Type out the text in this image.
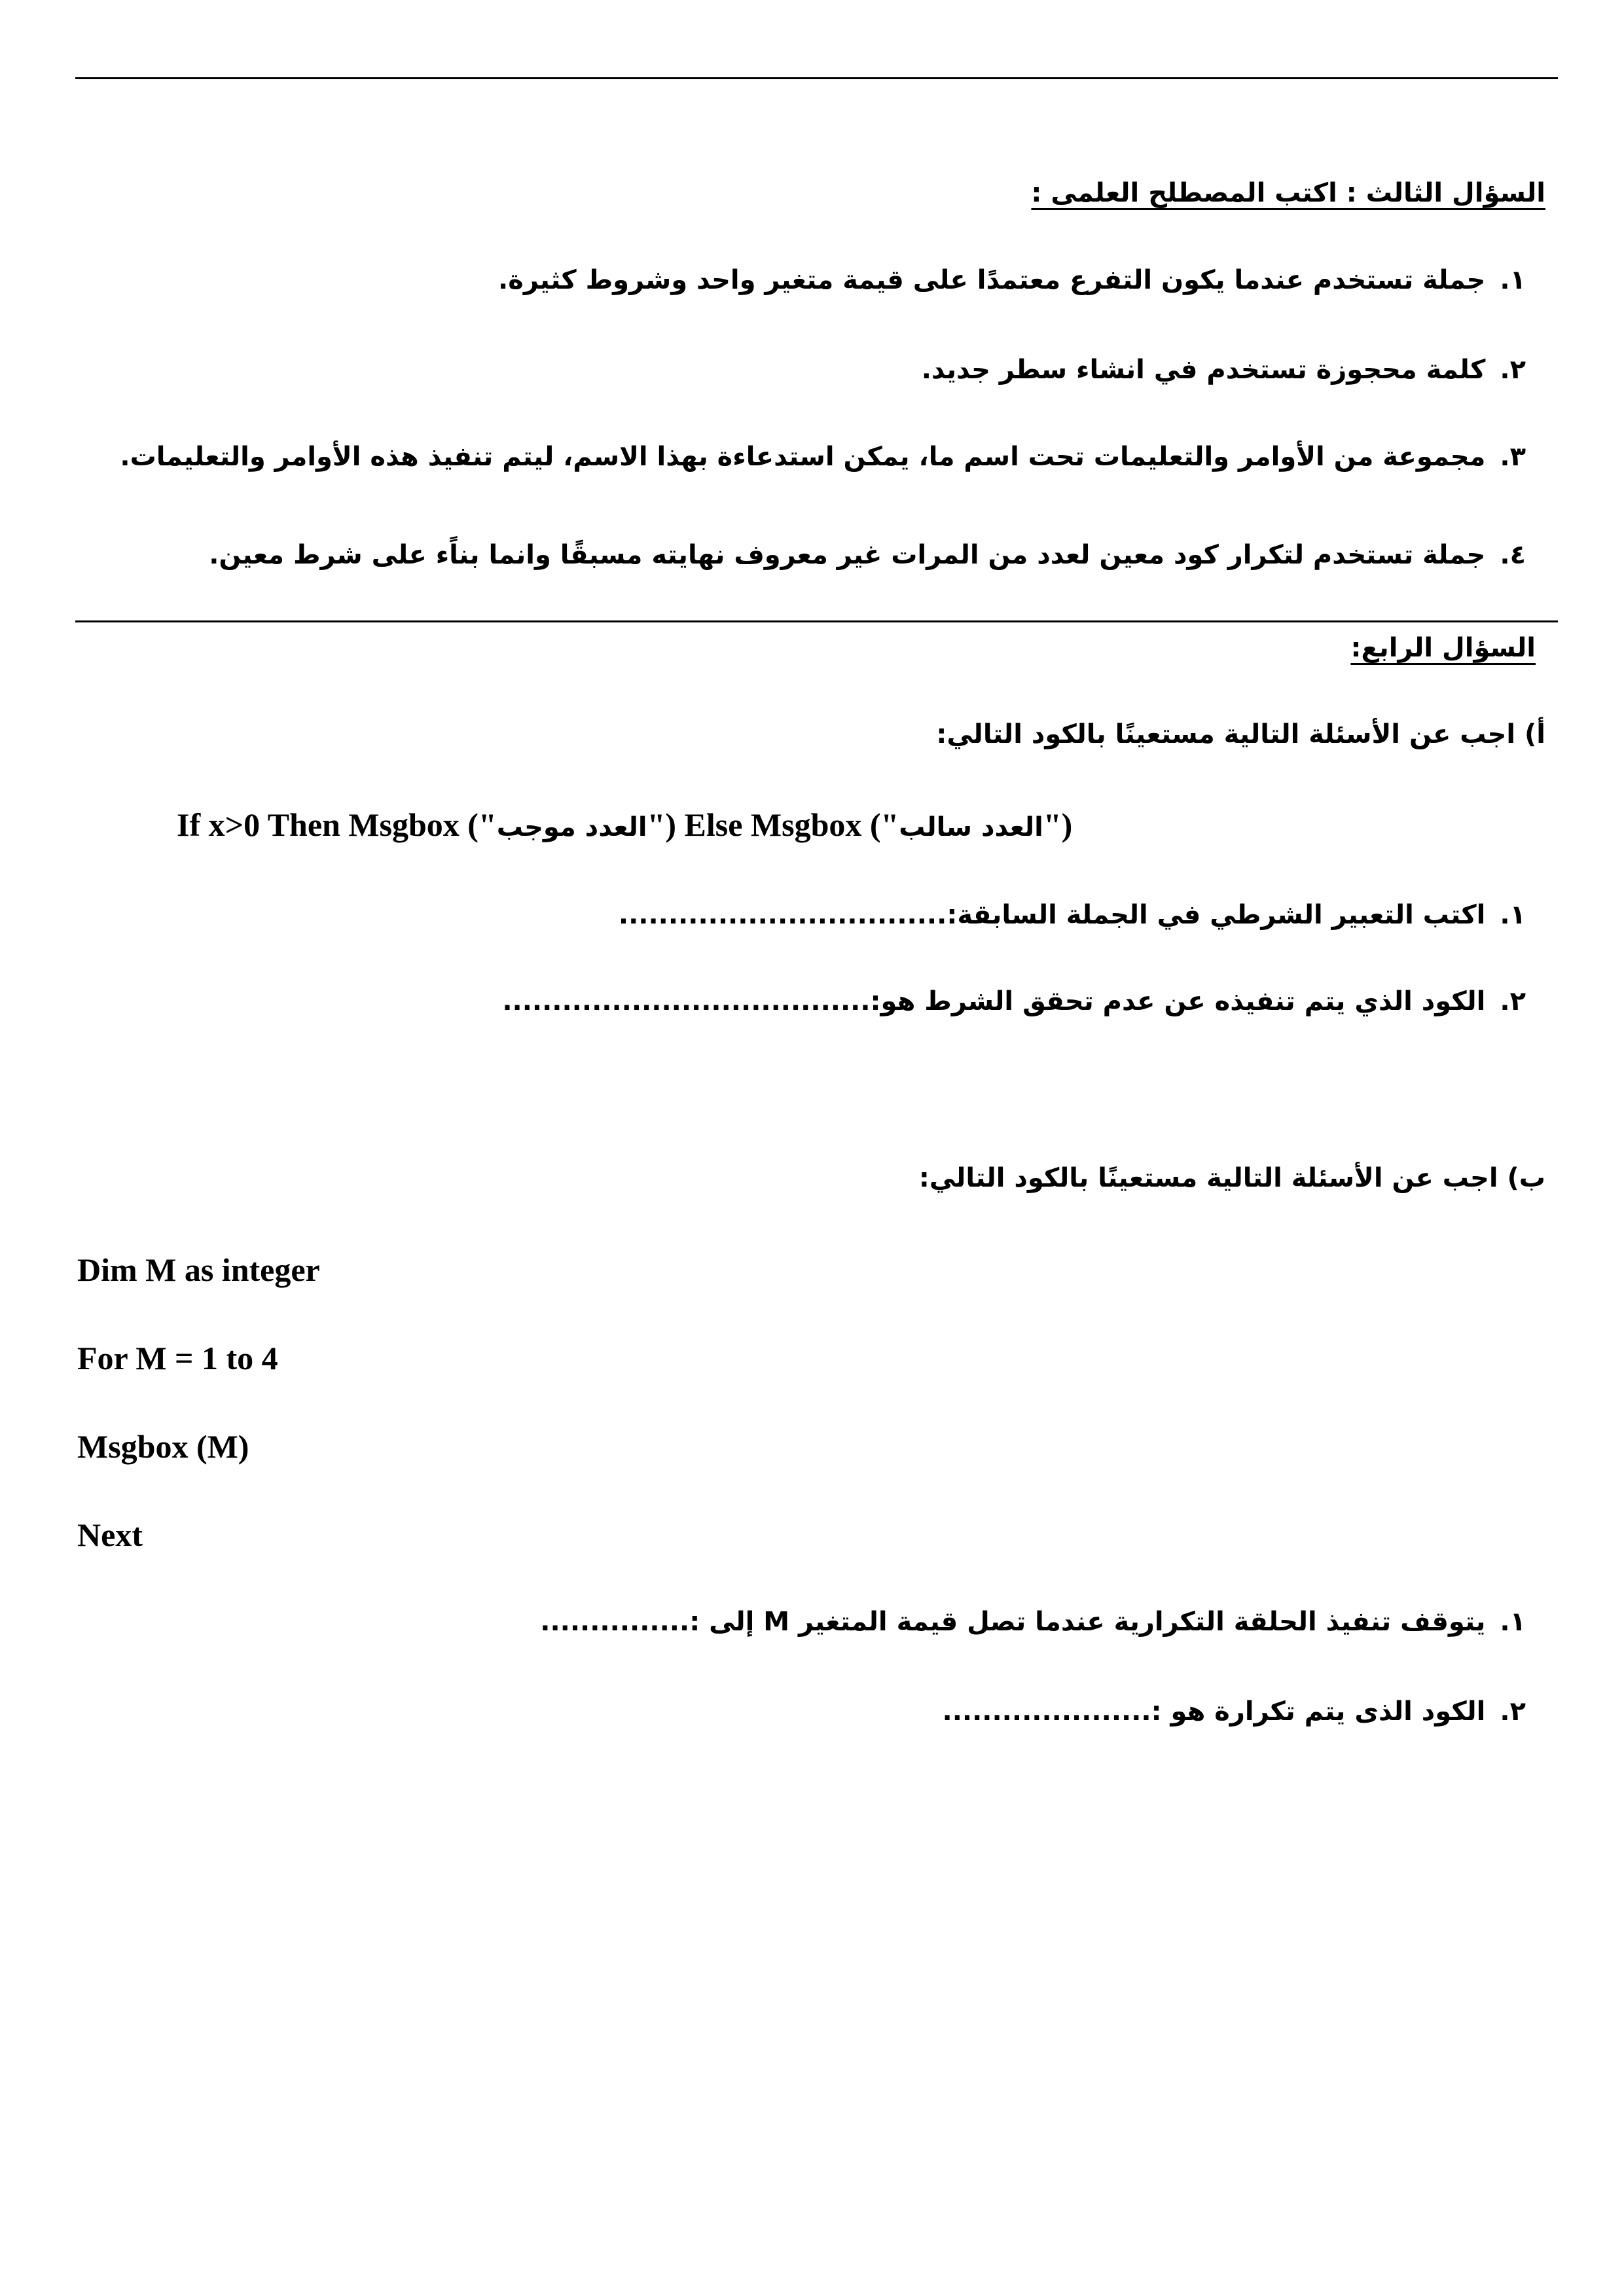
السؤال الثالث : اكتب المصطلح العلمى :
١.جملة تستخدم عندما يكون التفرع معتمدًا على قيمة متغير واحد وشروط كثيرة.
٢.كلمة محجوزة تستخدم في انشاء سطر جديد.
٣.مجموعة من الأوامر والتعليمات تحت اسم ما، يمكن استدعاءة بهذا الاسم، ليتم تنفيذ هذه الأوامر والتعليمات.
٤.جملة تستخدم لتكرار كود معين لعدد من المرات غير معروف نهايته مسبقًا وانما بناًء على شرط معين.
السؤال الرابع:
أ) اجب عن الأسئلة التالية مستعينًا بالكود التالي:
If x>0 Then Msgbox ("العدد موجب") Else Msgbox ("العدد سالب")
١.اكتب التعبير الشرطي في الجملة السابقة:.................................
٢.الكود الذي يتم تنفيذه عن عدم تحقق الشرط هو:.....................................
ب) اجب عن الأسئلة التالية مستعينًا بالكود التالي:
Dim M as integer
For M = 1 to 4
Msgbox (M)
Next
١.يتوقف تنفيذ الحلقة التكرارية عندما تصل قيمة المتغير M إلى :...............
٢.الكود الذى يتم تكرارة هو :.....................
